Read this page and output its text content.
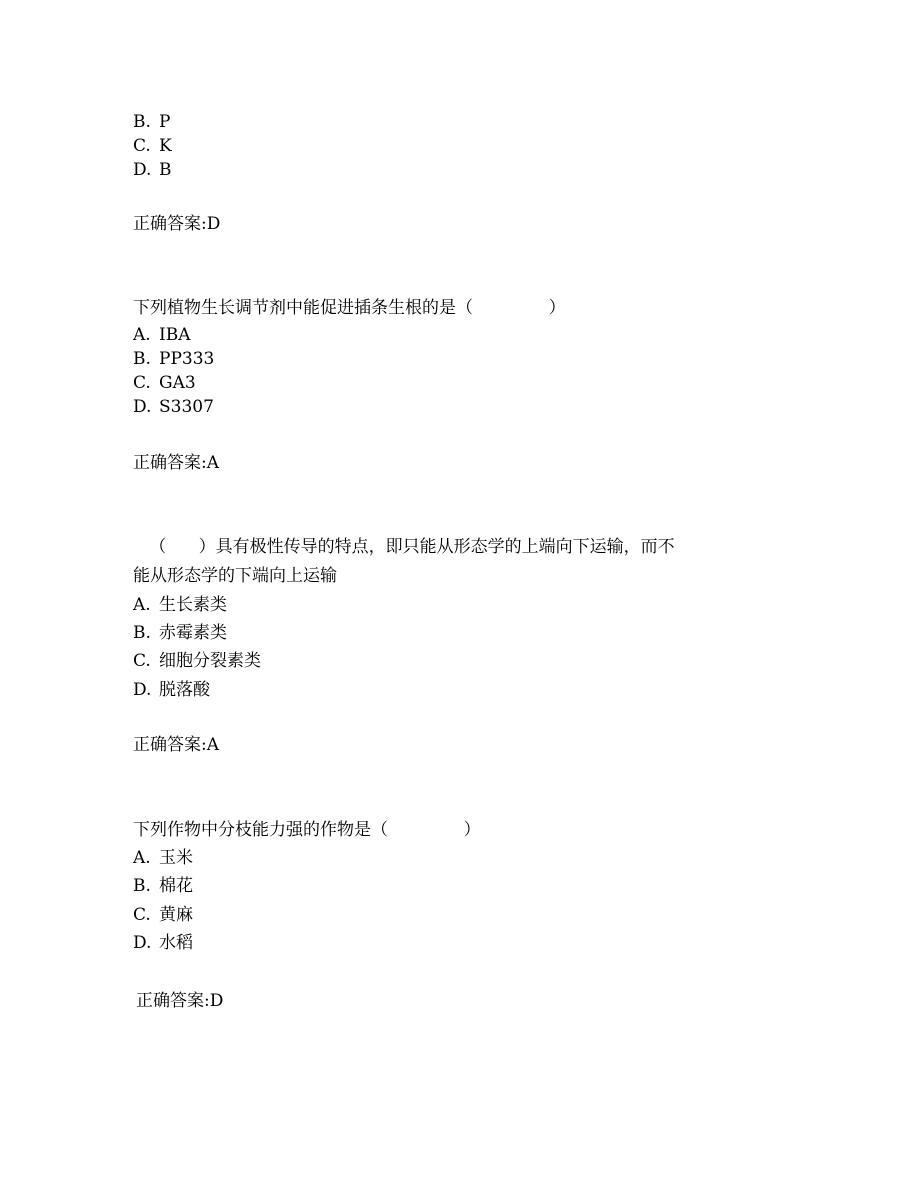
B. P
C. K
D. B
正确答案:D
下列植物生长调节剂中能促进插条生根的是（              ）
A. IBA
B. PP333
C. GA3
D. S3307
正确答案:A
（      ）具有极性传导的特点，即只能从形态学的上端向下运输，而不
能从形态学的下端向上运输
A. 生长素类
B. 赤霉素类
C. 细胞分裂素类
D. 脱落酸
正确答案:A
下列作物中分枝能力强的作物是（              ）
A. 玉米
B. 棉花
C. 黄麻
D. 水稻
正确答案:D
